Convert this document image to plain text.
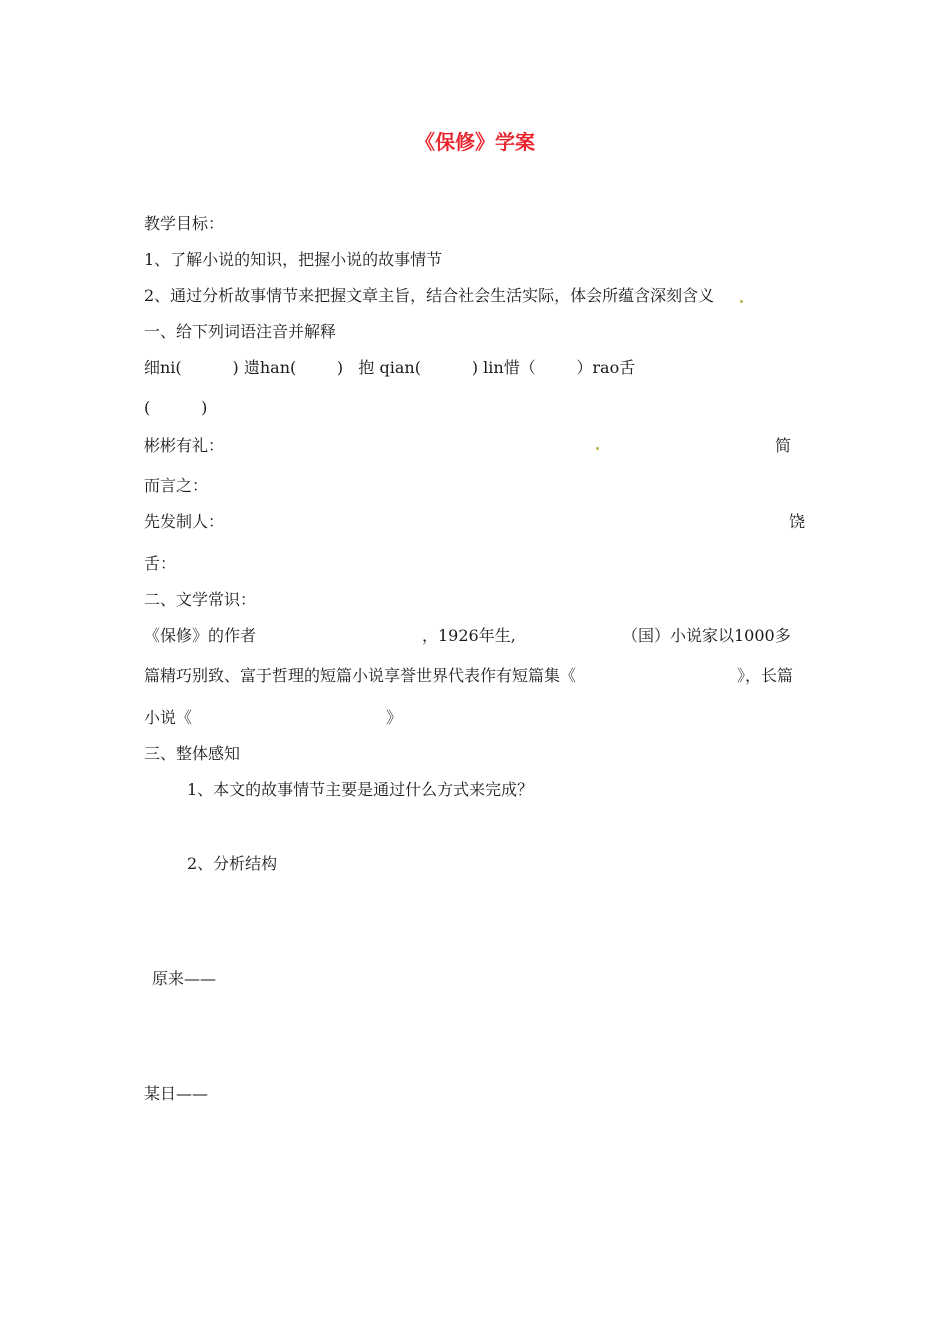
《保修》学案
教学目标：
1、了解小说的知识，把握小说的故事情节
2、通过分析故事情节来把握文章主旨，结合社会生活实际，体会所蕴含深刻含义
一、给下列词语注音并解释
细ni(          ) 遗han(        )   抱 qian(          ) lin惜（        ）rao舌
(          )
彬彬有礼：	简
而言之：
先发制人：	饶
舌：
二、文学常识：
《保修》的作者	，1926年生,	（国）小说家以1000多
篇精巧别致、富于哲理的短篇小说享誉世界代表作有短篇集《	》，长篇
小说《	》
三、整体感知
1、本文的故事情节主要是通过什么方式来完成？
2、分析结构
原来——
某日——
